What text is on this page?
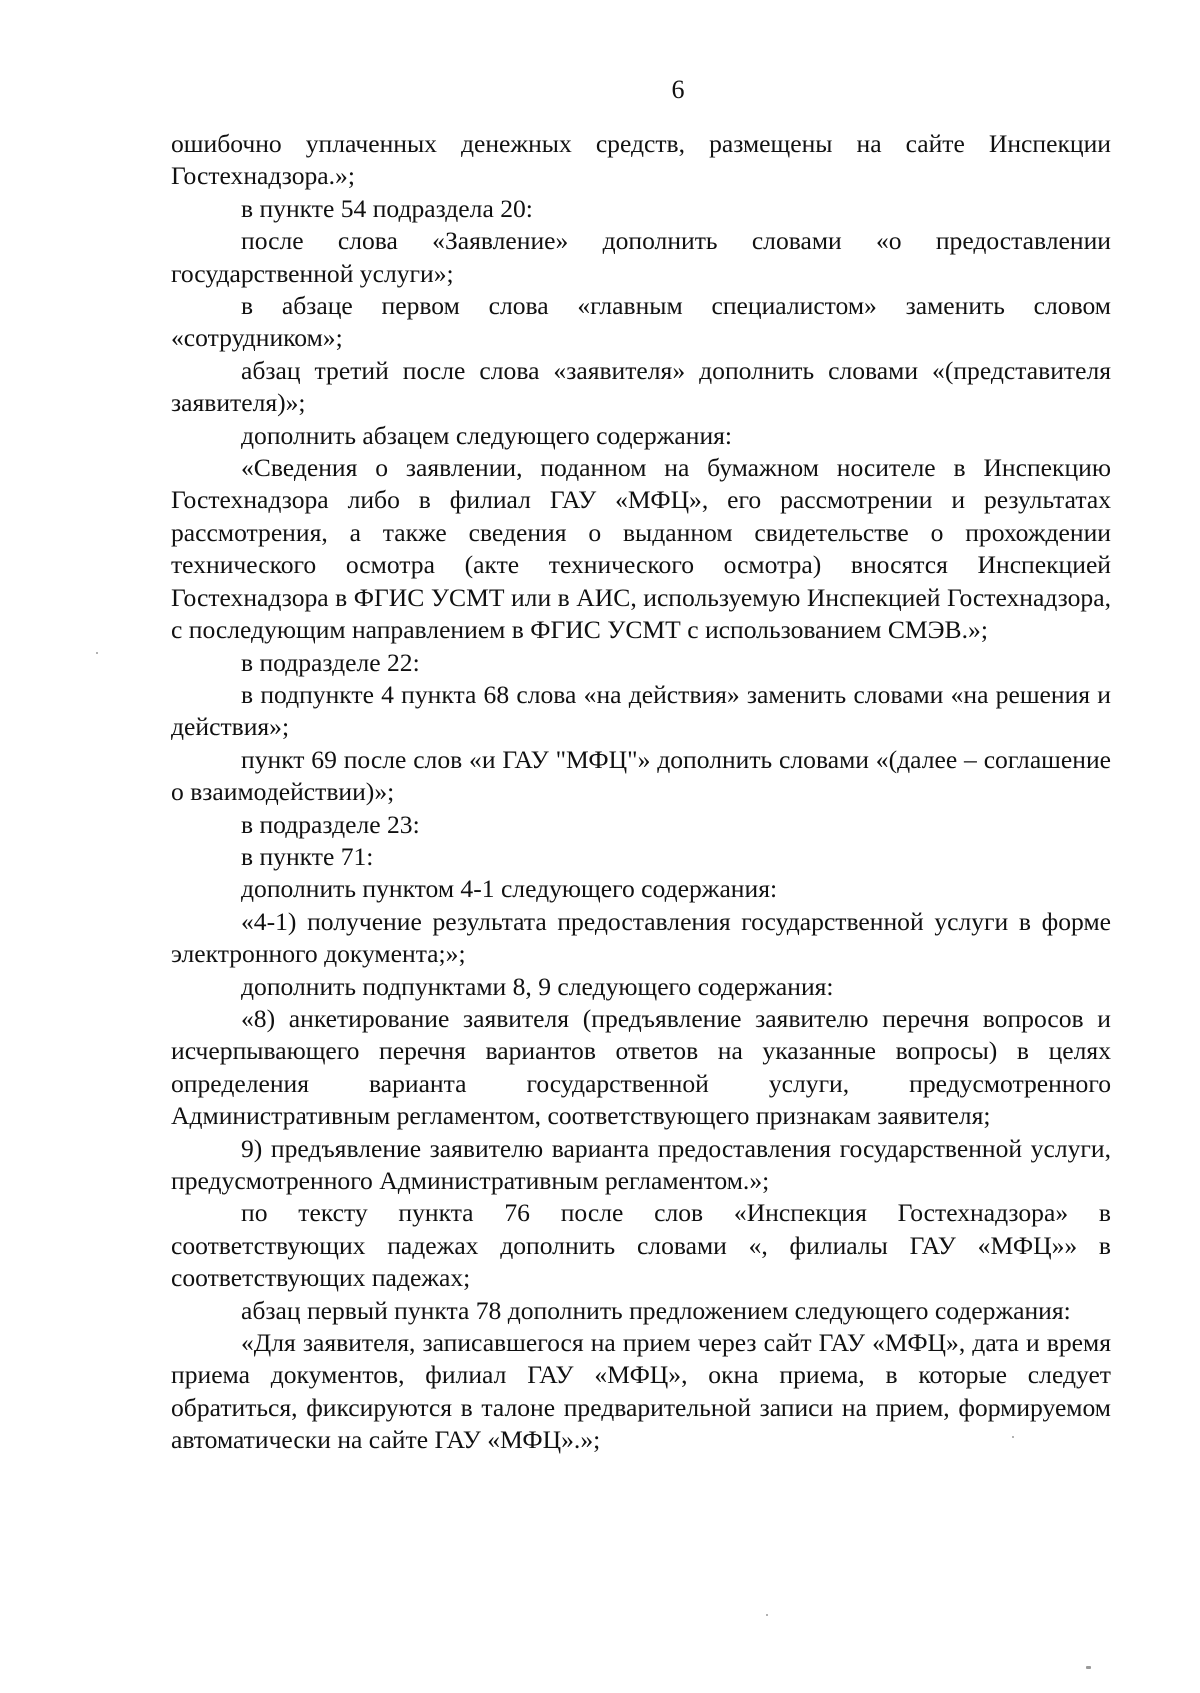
6

ошибочно уплаченных денежных средств, размещены на сайте Инспекции Гостехнадзора.»;

в пункте 54 подраздела 20:

после слова «Заявление» дополнить словами «о предоставлении государственной услуги»;

в абзаце первом слова «главным специалистом» заменить словом «сотрудником»;

абзац третий после слова «заявителя» дополнить словами «(представителя заявителя)»;

дополнить абзацем следующего содержания:

«Сведения о заявлении, поданном на бумажном носителе в Инспекцию Гостехнадзора либо в филиал ГАУ «МФЦ», его рассмотрении и результатах рассмотрения, а также сведения о выданном свидетельстве о прохождении технического осмотра (акте технического осмотра) вносятся Инспекцией Гостехнадзора в ФГИС УСМТ или в АИС, используемую Инспекцией Гостехнадзора, с последующим направлением в ФГИС УСМТ с использованием СМЭВ.»;

в подразделе 22:

в подпункте 4 пункта 68 слова «на действия» заменить словами «на решения и действия»;

пункт 69 после слов «и ГАУ "МФЦ"» дополнить словами «(далее – соглашение о взаимодействии)»;

в подразделе 23:

в пункте 71:

дополнить пунктом 4-1 следующего содержания:

«4-1) получение результата предоставления государственной услуги в форме электронного документа;»;

дополнить подпунктами 8, 9 следующего содержания:

«8) анкетирование заявителя (предъявление заявителю перечня вопросов и исчерпывающего перечня вариантов ответов на указанные вопросы) в целях определения варианта государственной услуги, предусмотренного Административным регламентом, соответствующего признакам заявителя;

9) предъявление заявителю варианта предоставления государственной услуги, предусмотренного Административным регламентом.»;

по тексту пункта 76 после слов «Инспекция Гостехнадзора» в соответствующих падежах дополнить словами «, филиалы ГАУ «МФЦ»» в соответствующих падежах;

абзац первый пункта 78 дополнить предложением следующего содержания:

«Для заявителя, записавшегося на прием через сайт ГАУ «МФЦ», дата и время приема документов, филиал ГАУ «МФЦ», окна приема, в которые следует обратиться, фиксируются в талоне предварительной записи на прием, формируемом автоматически на сайте ГАУ «МФЦ».»;
